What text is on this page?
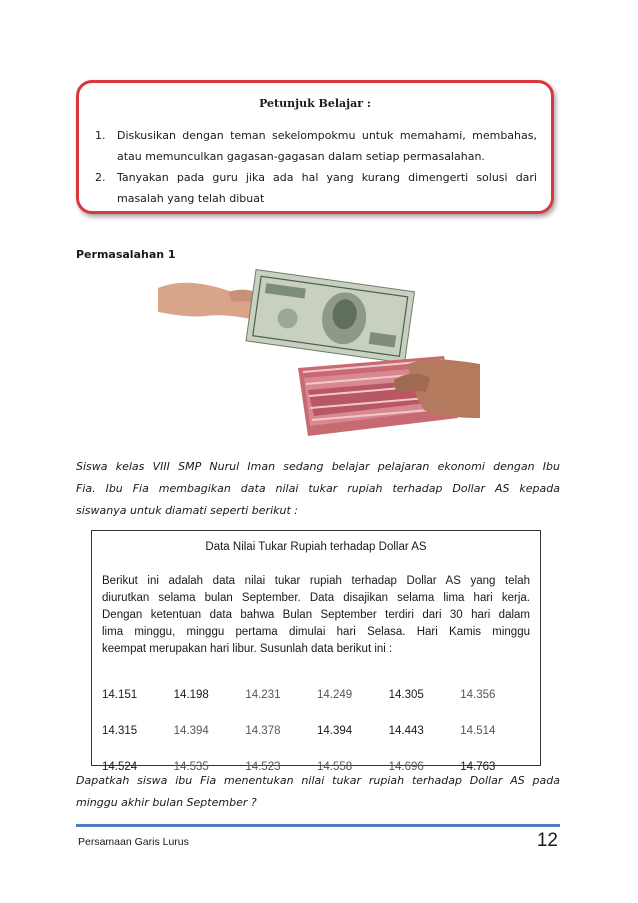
Petunjuk Belajar :
1. Diskusikan dengan teman sekelompokmu untuk memahami, membahas,
atau memunculkan gagasan-gagasan dalam setiap permasalahan.
2. Tanyakan pada guru jika ada hal yang kurang dimengerti solusi dari
masalah yang telah dibuat
Permasalahan 1
Siswa kelas VIII SMP Nurul Iman sedang belajar pelajaran ekonomi dengan Ibu
Fia. Ibu Fia membagikan data nilai tukar rupiah terhadap Dollar AS kepada
siswanya untuk diamati seperti berikut :
Data Nilai Tukar Rupiah terhadap Dollar AS
Berikut ini adalah data nilai tukar rupiah terhadap Dollar AS yang telah
diurutkan selama bulan September. Data disajikan selama lima hari kerja.
Dengan ketentuan data bahwa Bulan September terdiri dari 30 hari dalam
lima minggu, minggu pertama dimulai hari Selasa. Hari Kamis minggu
keempat merupakan hari libur. Susunlah data berikut ini :
14.151	14.198	14.231	14.249	14.305	14.356
14.315	14.394	14.378	14.394	14.443	14.514
14.524	14.535	14.523	14.558	14.696	14.763
Dapatkah siswa ibu Fia menentukan nilai tukar rupiah terhadap Dollar AS pada
minggu akhir bulan September ?
Persamaan Garis Lurus	12
